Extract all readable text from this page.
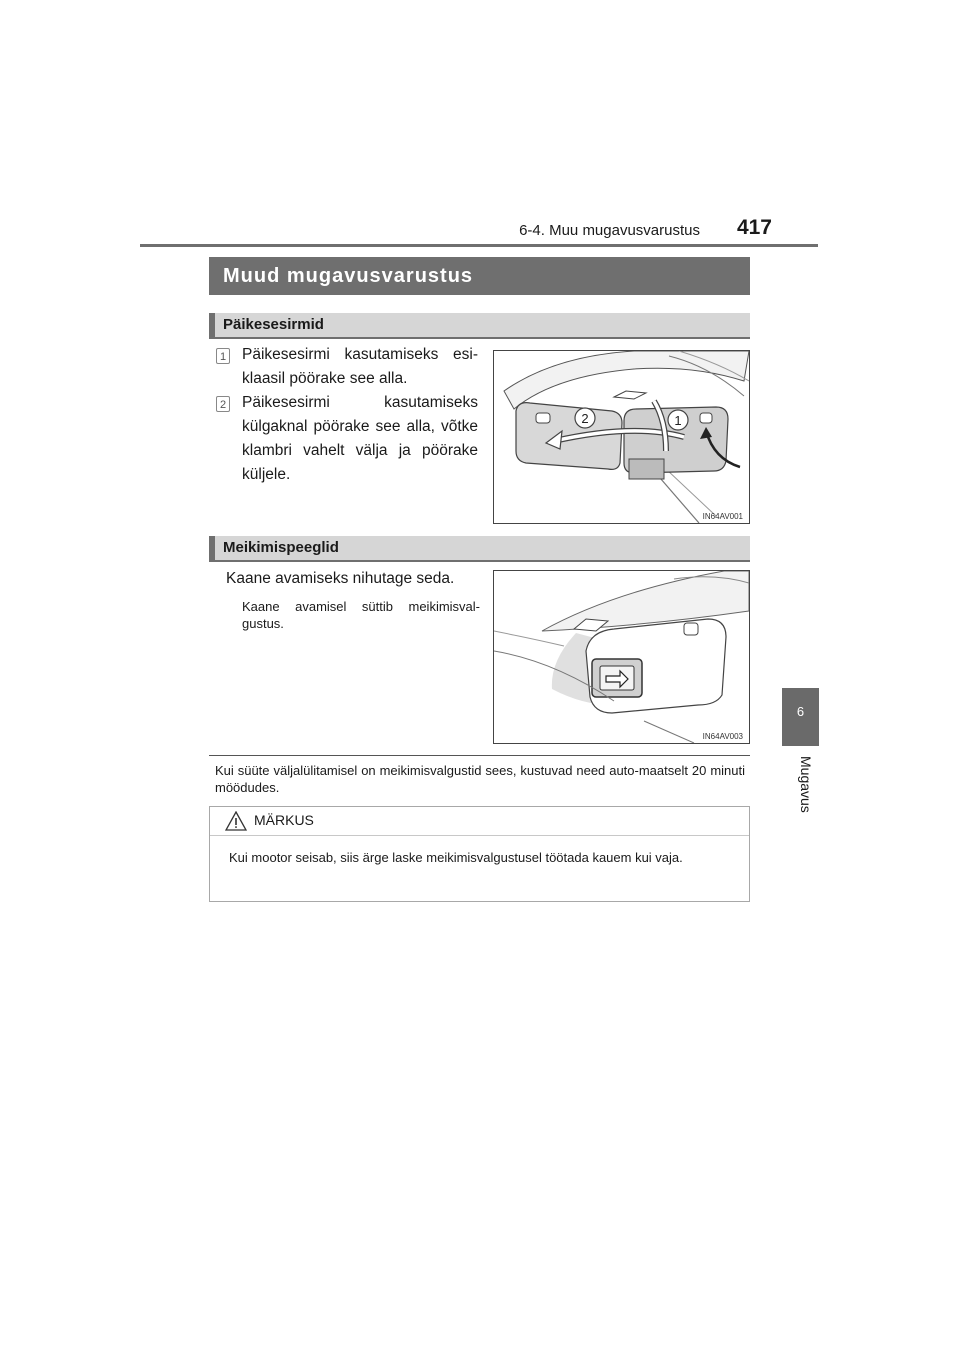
6-4. Muu mugavusvarustus	417
6
Mugavus
Muud mugavusvarustus
Päikesesirmid
1 Päikesesirmi kasutamiseks esi-klaasil pöörake see alla.
2 Päikesesirmi kasutamiseks külgaknal pöörake see alla, võtke klambri vahelt välja ja pöörake küljele.
2	1
IN64AV001
Meikimispeeglid
Kaane avamiseks nihutage seda.
Kaane avamisel süttib meikimisval-gustus.
IN64AV003
Kui süüte väljalülitamisel on meikimisvalgustid sees, kustuvad need auto-maatselt 20 minuti möödudes.
MÄRKUS
Kui mootor seisab, siis ärge laske meikimisvalgustusel töötada kauem kui vaja.
